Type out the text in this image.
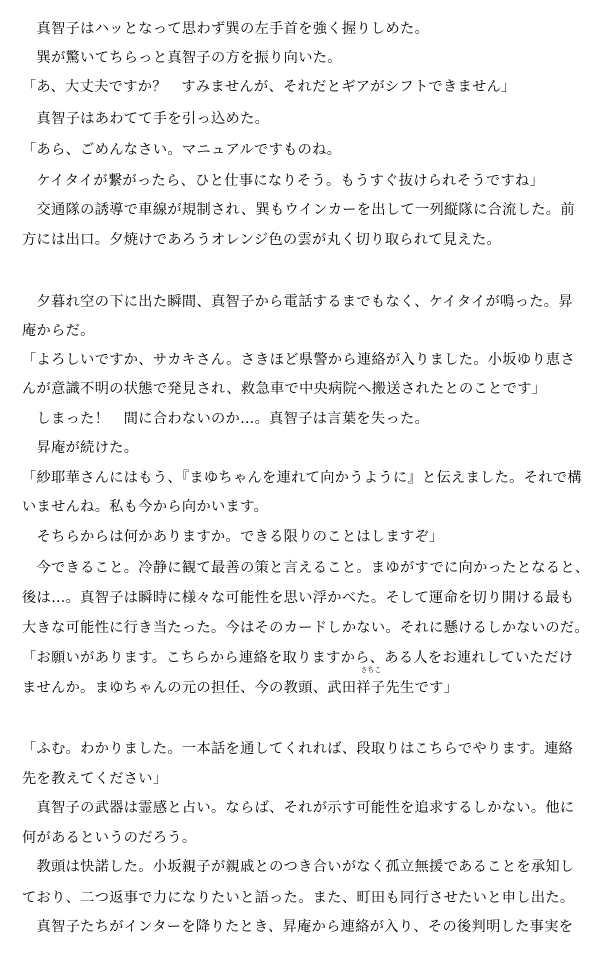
　真智子はハッとなって思わず巽の左手首を強く握りしめた。
　巽が驚いてちらっと真智子の方を振り向いた。
「あ、大丈夫ですか？　すみませんが、それだとギアがシフトできません」
　真智子はあわてて手を引っ込めた。
「あら、ごめんなさい。マニュアルですものね。
　ケイタイが繋がったら、ひと仕事になりそう。もうすぐ抜けられそうですね」
　交通隊の誘導で車線が規制され、巽もウインカーを出して一列縦隊に合流した。前
方には出口。夕焼けであろうオレンジ色の雲が丸く切り取られて見えた。
　夕暮れ空の下に出た瞬間、真智子から電話するまでもなく、ケイタイが鳴った。昇
庵からだ。
「よろしいですか、サカキさん。さきほど県警から連絡が入りました。小坂ゆり恵さ
んが意識不明の状態で発見され、救急車で中央病院へ搬送されたとのことです」
　しまった！　間に合わないのか…。真智子は言葉を失った。
　昇庵が続けた。
「紗耶華さんにはもう、『まゆちゃんを連れて向かうように』と伝えました。それで構
いませんね。私も今から向かいます。
　そちらからは何かありますか。できる限りのことはしますぞ」
　今できること。冷静に観て最善の策と言えること。まゆがすでに向かったとなると、
後は…。真智子は瞬時に様々な可能性を思い浮かべた。そして運命を切り開ける最も
大きな可能性に行き当たった。今はそのカードしかない。それに懸けるしかないのだ。
「お願いがあります。こちらから連絡を取りますから、ある人をお連れしていただけ
ませんか。まゆちゃんの元の担任、今の教頭、武田祥子
さちこ
先生です」
「ふむ。わかりました。一本話を通してくれれば、段取りはこちらでやります。連絡
先を教えてください」
　真智子の武器は霊感と占い。ならば、それが示す可能性を追求するしかない。他に
何があるというのだろう。
　教頭は快諾した。小坂親子が親戚とのつき合いがなく孤立無援であることを承知し
ており、二つ返事で力になりたいと語った。また、町田も同行させたいと申し出た。
　真智子たちがインターを降りたとき、昇庵から連絡が入り、その後判明した事実を
